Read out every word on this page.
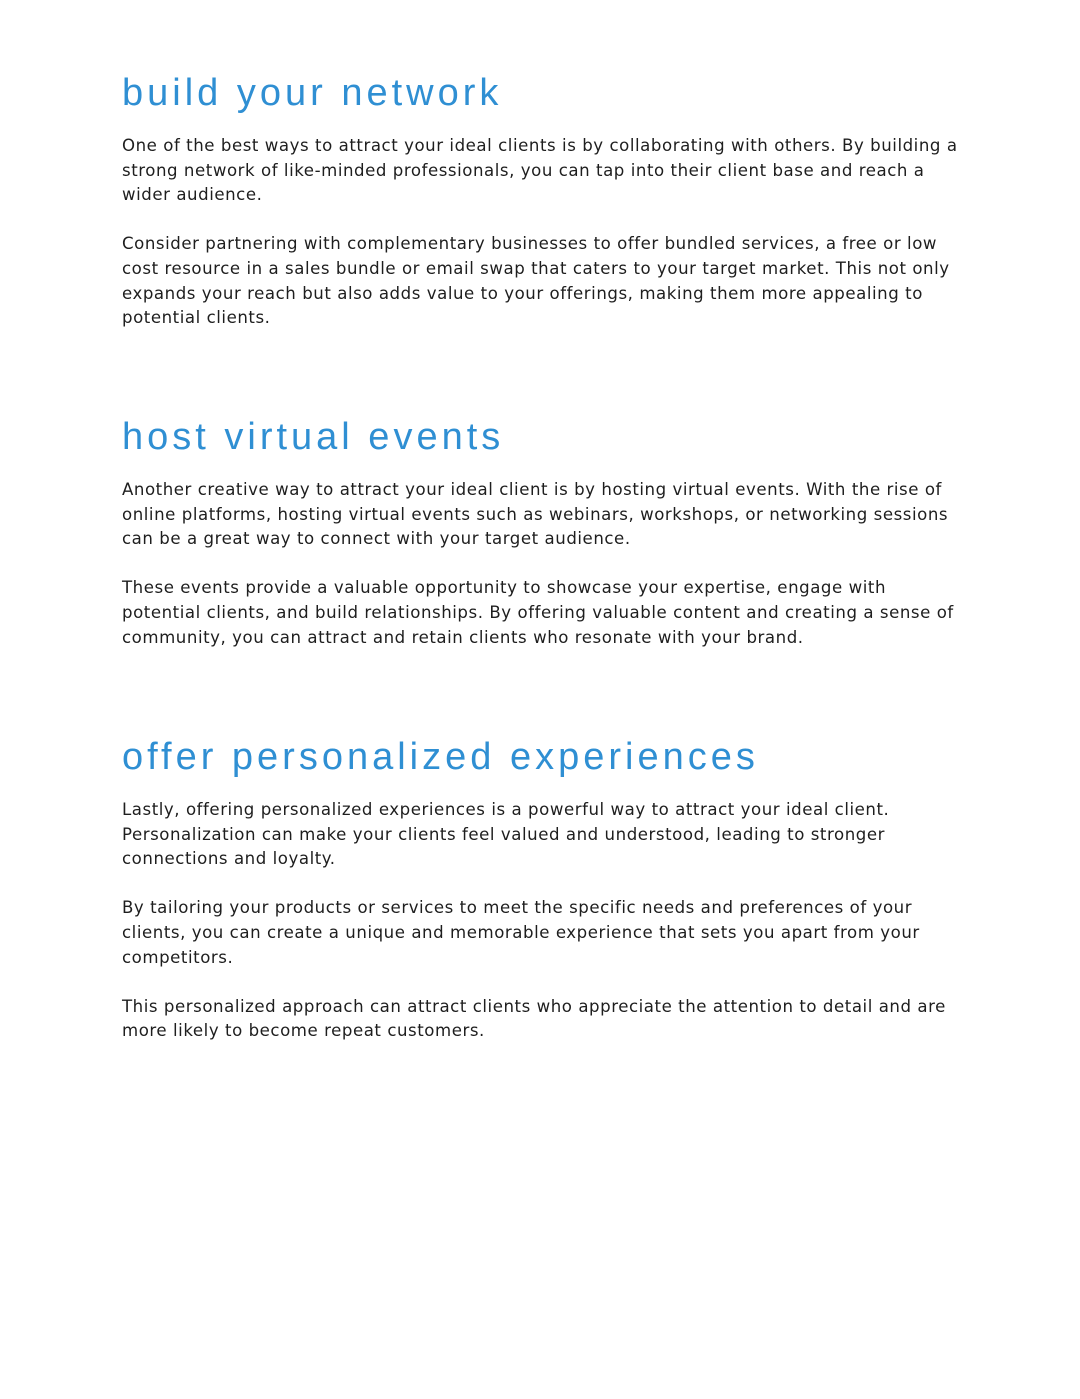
build your network

One of the best ways to attract your ideal clients is by collaborating with others. By building a strong network of like-minded professionals, you can tap into their client base and reach a wider audience.

Consider partnering with complementary businesses to offer bundled services, a free or low cost resource in a sales bundle or email swap that caters to your target market. This not only expands your reach but also adds value to your offerings, making them more appealing to potential clients.

host virtual events

Another creative way to attract your ideal client is by hosting virtual events. With the rise of online platforms, hosting virtual events such as webinars, workshops, or networking sessions can be a great way to connect with your target audience.

These events provide a valuable opportunity to showcase your expertise, engage with potential clients, and build relationships. By offering valuable content and creating a sense of community, you can attract and retain clients who resonate with your brand.

offer personalized experiences

Lastly, offering personalized experiences is a powerful way to attract your ideal client. Personalization can make your clients feel valued and understood, leading to stronger connections and loyalty.

By tailoring your products or services to meet the specific needs and preferences of your clients, you can create a unique and memorable experience that sets you apart from your competitors.

This personalized approach can attract clients who appreciate the attention to detail and are more likely to become repeat customers.
